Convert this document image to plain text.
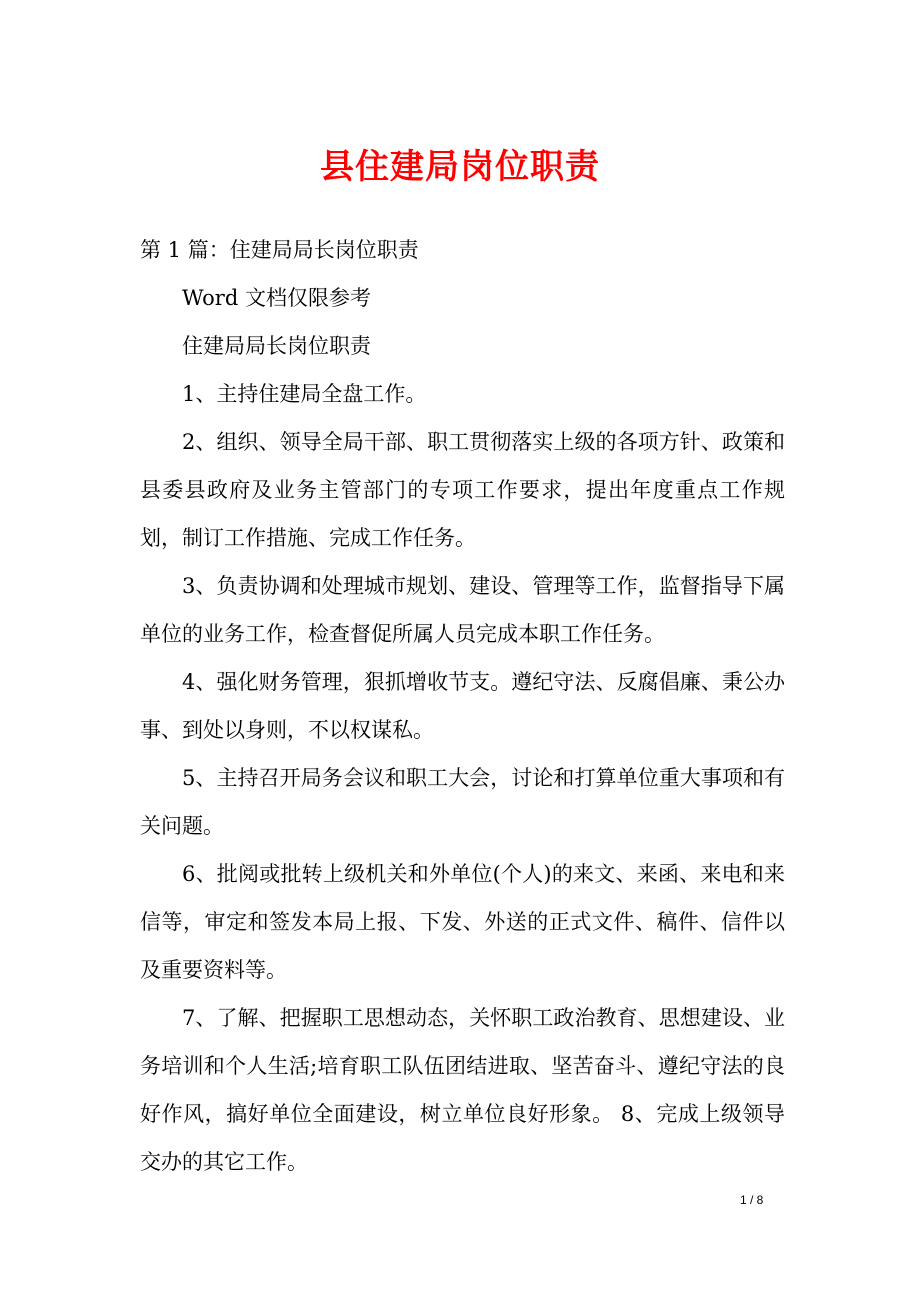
县住建局岗位职责

第 1 篇：住建局局长岗位职责

Word 文档仅限参考

住建局局长岗位职责

1、主持住建局全盘工作。

2、组织、领导全局干部、职工贯彻落实上级的各项方针、政策和县委县政府及业务主管部门的专项工作要求，提出年度重点工作规划，制订工作措施、完成工作任务。

3、负责协调和处理城市规划、建设、管理等工作，监督指导下属单位的业务工作，检查督促所属人员完成本职工作任务。

4、强化财务管理，狠抓增收节支。遵纪守法、反腐倡廉、秉公办事、到处以身则，不以权谋私。

5、主持召开局务会议和职工大会，讨论和打算单位重大事项和有关问题。

6、批阅或批转上级机关和外单位(个人)的来文、来函、来电和来信等，审定和签发本局上报、下发、外送的正式文件、稿件、信件以及重要资料等。

7、了解、把握职工思想动态，关怀职工政治教育、思想建设、业务培训和个人生活;培育职工队伍团结进取、坚苦奋斗、遵纪守法的良好作风，搞好单位全面建设，树立单位良好形象。 8、完成上级领导交办的其它工作。

1 / 8
